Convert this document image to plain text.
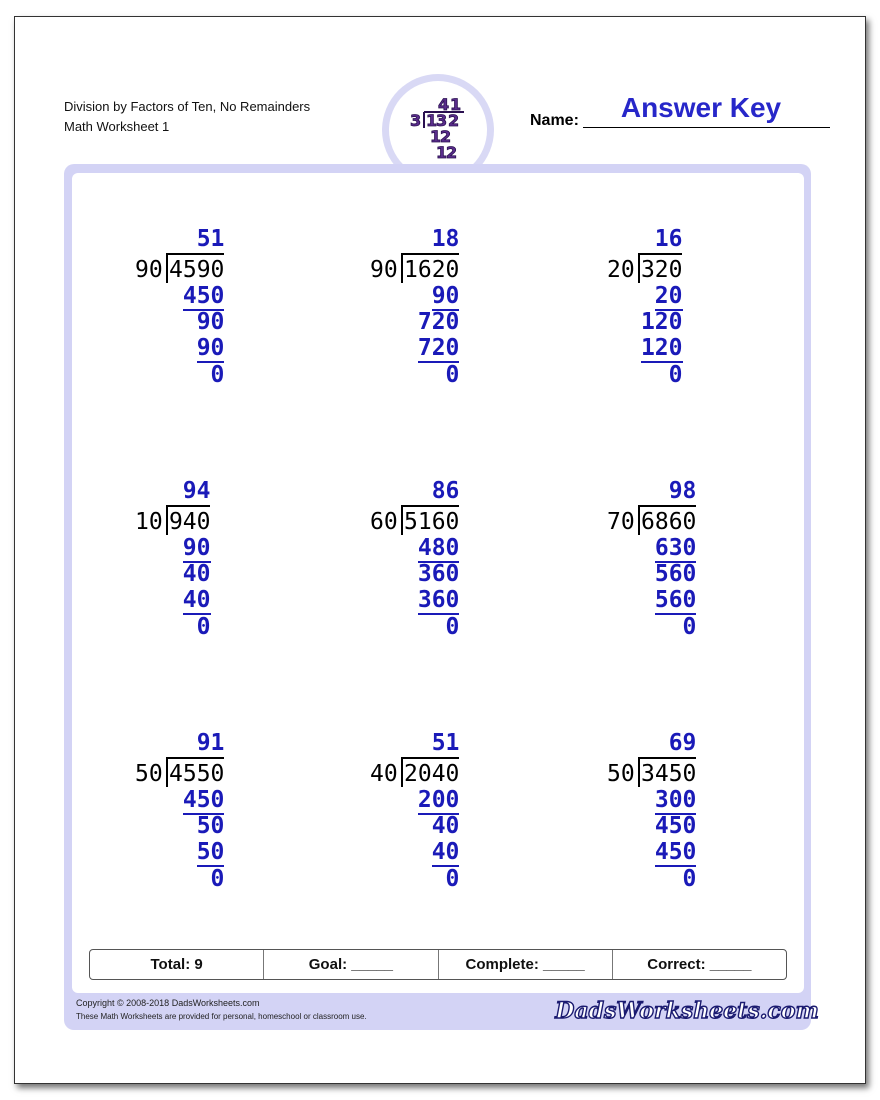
Division by Factors of Ten, No Remainders
Math Worksheet 1
4 1
3 1
3 2
1
2
1
2
Name:	Answer Key
51
90 4590
450
90
90
0
18
90 1620
90
720
720
0
16
20 320
20
120
120
0
94
10 940
90
40
40
0
86
60 5160
480
360
360
0
98
70 6860
630
560
560
0
91
50 4550
450
50
50
0
51
40 2040
200
40
40
0
69
50 3450
300
450
450
0
Total: 9	Goal: _____	Complete: _____	Correct: _____
Copyright © 2008-2018 DadsWorksheets.com
These Math Worksheets are provided for personal, homeschool or classroom use.	DadsWorksheets.com
